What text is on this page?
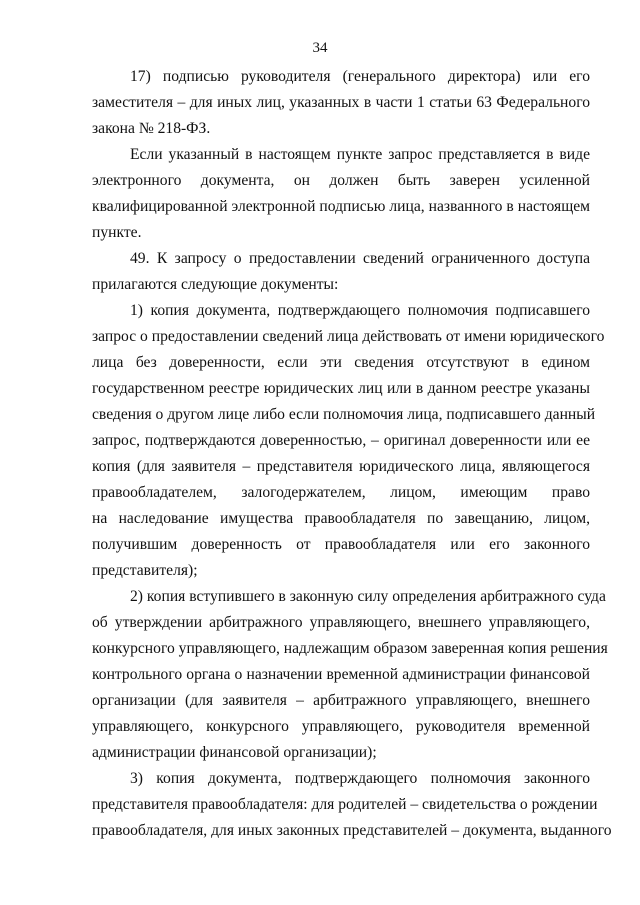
34
17) подписью руководителя (генерального директора) или его
заместителя – для иных лиц, указанных в части 1 статьи 63 Федерального
закона № 218-ФЗ.
Если указанный в настоящем пункте запрос представляется в виде
электронного документа, он должен быть заверен усиленной
квалифицированной электронной подписью лица, названного в настоящем
пункте.
49. К запросу о предоставлении сведений ограниченного доступа
прилагаются следующие документы:
1) копия документа, подтверждающего полномочия подписавшего
запрос о предоставлении сведений лица действовать от имени юридического
лица без доверенности, если эти сведения отсутствуют в едином
государственном реестре юридических лиц или в данном реестре указаны
сведения о другом лице либо если полномочия лица, подписавшего данный
запрос, подтверждаются доверенностью, – оригинал доверенности или ее
копия (для заявителя – представителя юридического лица, являющегося
правообладателем, залогодержателем, лицом, имеющим право
на наследование имущества правообладателя по завещанию, лицом,
получившим доверенность от правообладателя или его законного
представителя);
2) копия вступившего в законную силу определения арбитражного суда
об утверждении арбитражного управляющего, внешнего управляющего,
конкурсного управляющего, надлежащим образом заверенная копия решения
контрольного органа о назначении временной администрации финансовой
организации (для заявителя – арбитражного управляющего, внешнего
управляющего, конкурсного управляющего, руководителя временной
администрации финансовой организации);
3) копия документа, подтверждающего полномочия законного
представителя правообладателя: для родителей – свидетельства о рождении
правообладателя, для иных законных представителей – документа, выданного
